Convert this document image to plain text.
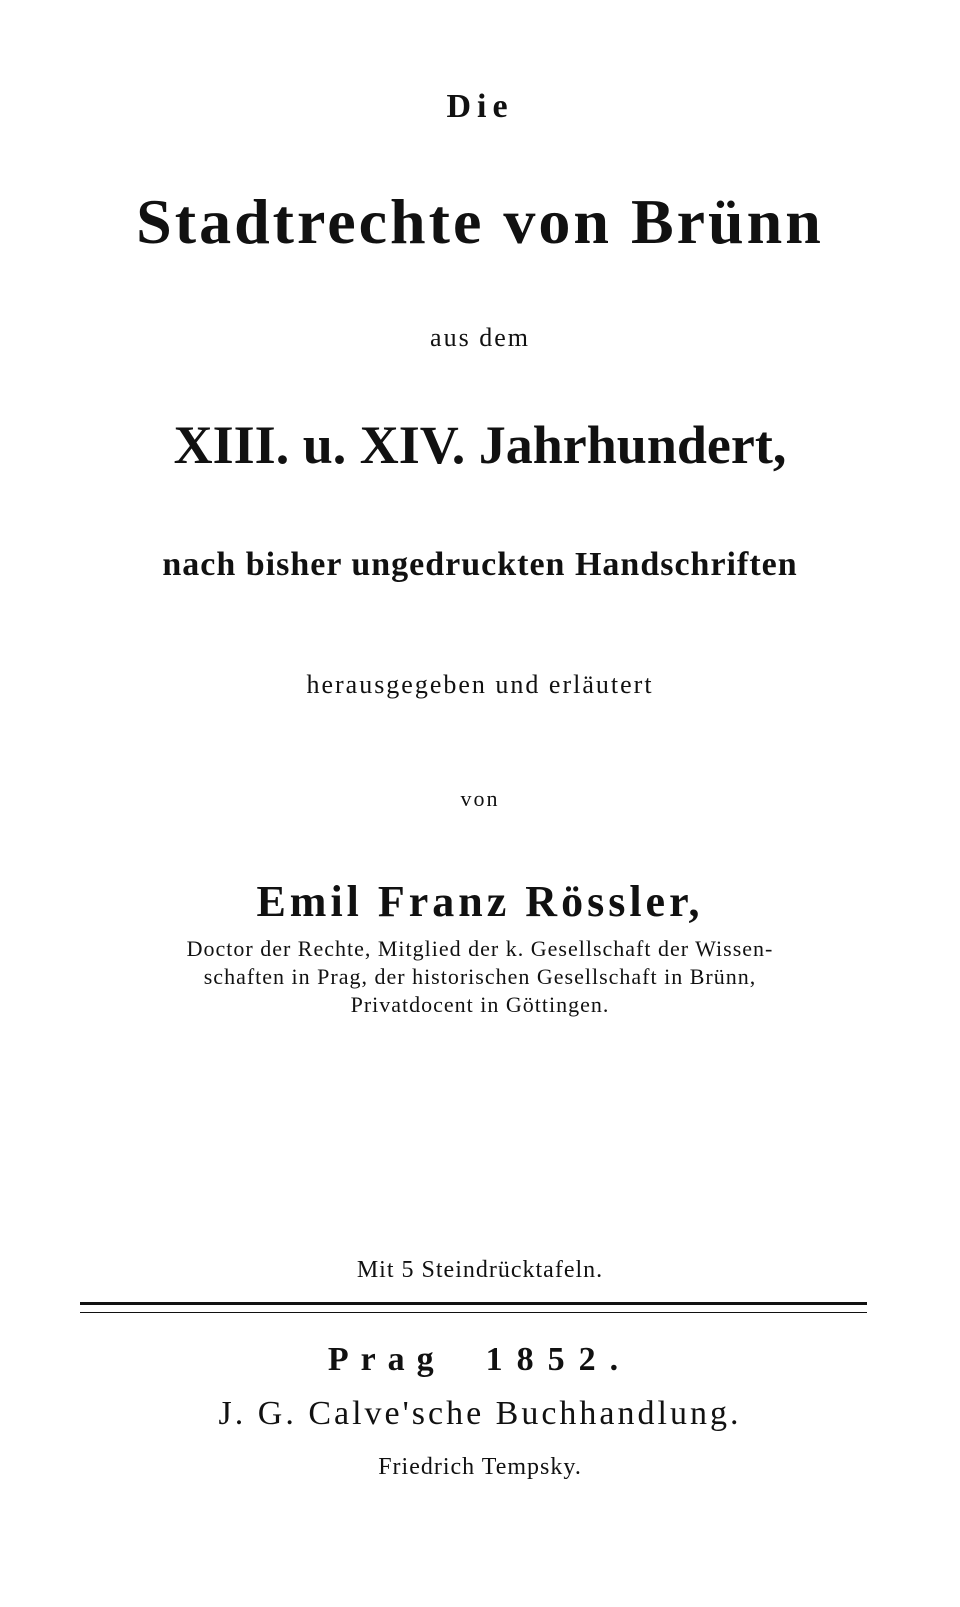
Die
Stadtrechte von Brünn
aus dem
XIII. u. XIV. Jahrhundert,
nach bisher ungedruckten Handschriften
herausgegeben und erläutert
von
Emil Franz Rössler,
Doctor der Rechte, Mitglied der k. Gesellschaft der Wissen-
schaften in Prag, der historischen Gesellschaft in Brünn,
Privatdocent in Göttingen.
Mit 5 Steindrücktafeln.
Prag 1852.
J. G. Calve'sche Buchhandlung.
Friedrich Tempsky.
